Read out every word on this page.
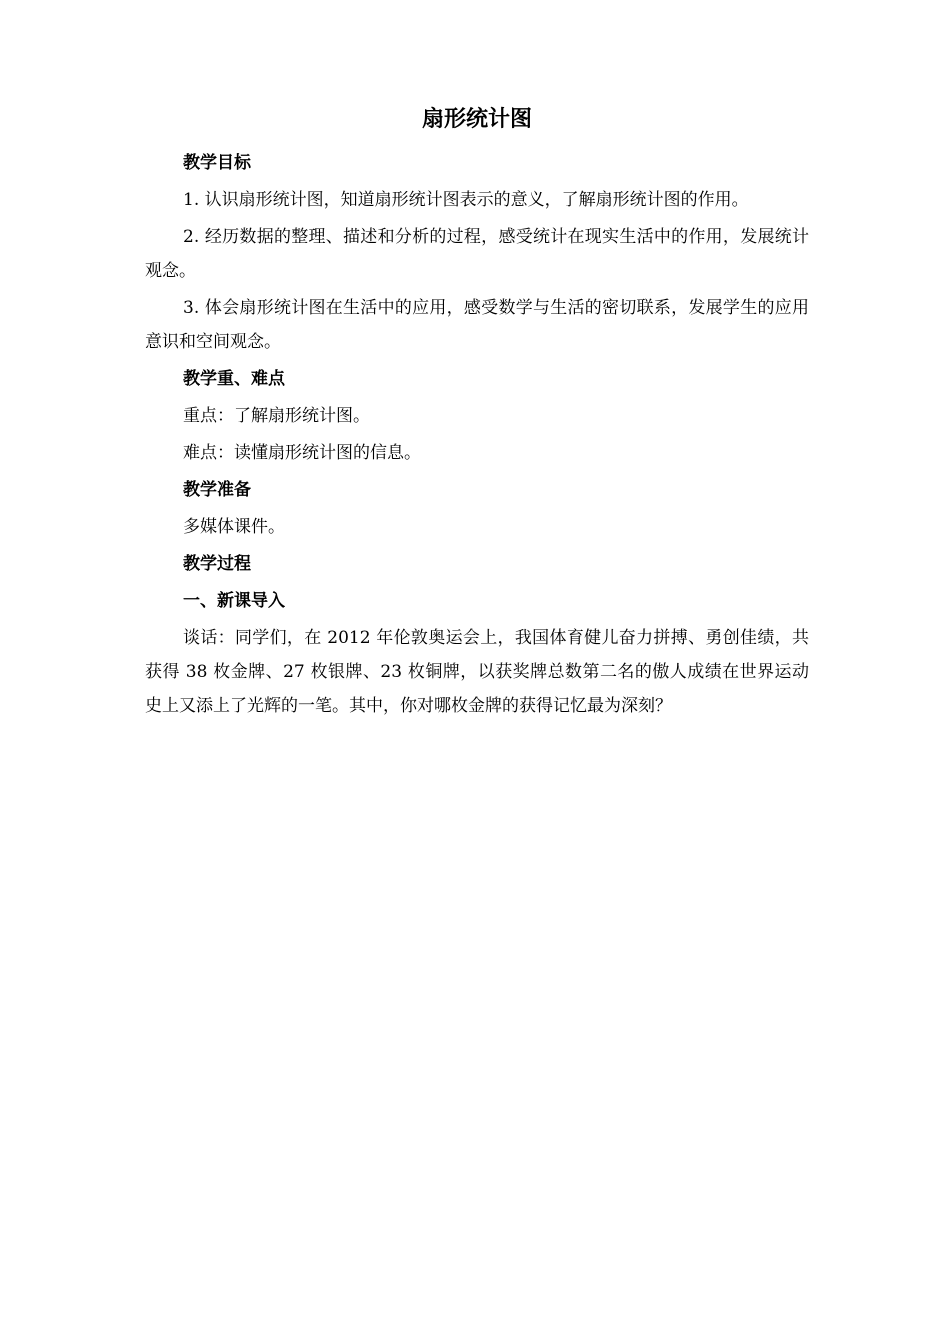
扇形统计图
教学目标
1. 认识扇形统计图，知道扇形统计图表示的意义，了解扇形统计图的作用。
2. 经历数据的整理、描述和分析的过程，感受统计在现实生活中的作用，发展统计观念。
3. 体会扇形统计图在生活中的应用，感受数学与生活的密切联系，发展学生的应用意识和空间观念。
教学重、难点
重点：了解扇形统计图。
难点：读懂扇形统计图的信息。
教学准备
多媒体课件。
教学过程
一、新课导入
谈话：同学们，在 2012 年伦敦奥运会上，我国体育健儿奋力拼搏、勇创佳绩，共获得 38 枚金牌、27 枚银牌、23 枚铜牌，以获奖牌总数第二名的傲人成绩在世界运动史上又添上了光辉的一笔。其中，你对哪枚金牌的获得记忆最为深刻？
